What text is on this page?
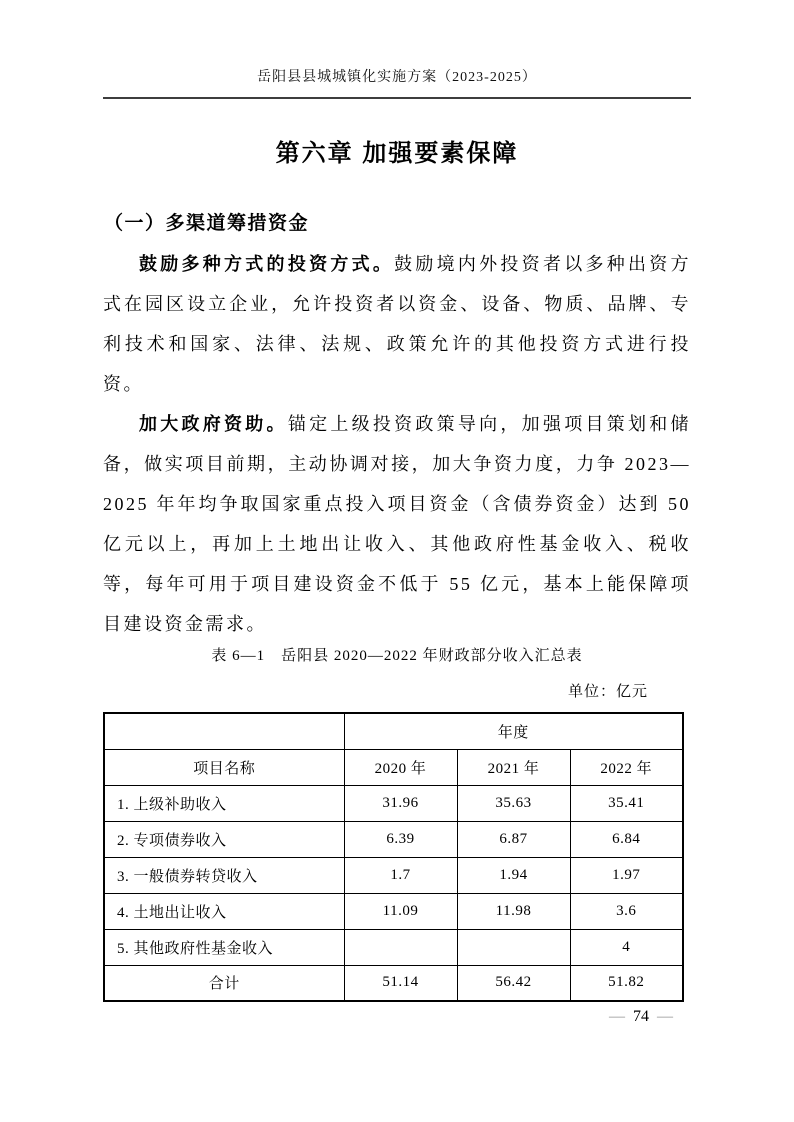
岳阳县县城城镇化实施方案（2023-2025）
第六章 加强要素保障
（一）多渠道筹措资金

鼓励多种方式的投资方式。鼓励境内外投资者以多种出资方式在园区设立企业，允许投资者以资金、设备、物质、品牌、专利技术和国家、法律、法规、政策允许的其他投资方式进行投资。

加大政府资助。锚定上级投资政策导向，加强项目策划和储备，做实项目前期，主动协调对接，加大争资力度，力争 2023—2025 年年均争取国家重点投入项目资金（含债券资金）达到 50 亿元以上，再加上土地出让收入、其他政府性基金收入、税收等，每年可用于项目建设资金不低于 55 亿元，基本上能保障项目建设资金需求。

表 6—1　岳阳县 2020—2022 年财政部分收入汇总表
单位：亿元
	年度		
项目名称	2020 年	2021 年	2022 年
1. 上级补助收入	31.96	35.63	35.41
2. 专项债券收入	6.39	6.87	6.84
3. 一般债券转贷收入	1.7	1.94	1.97
4. 土地出让收入	11.09	11.98	3.6
5. 其他政府性基金收入			4
合计	51.14	56.42	51.82
— 74 —
